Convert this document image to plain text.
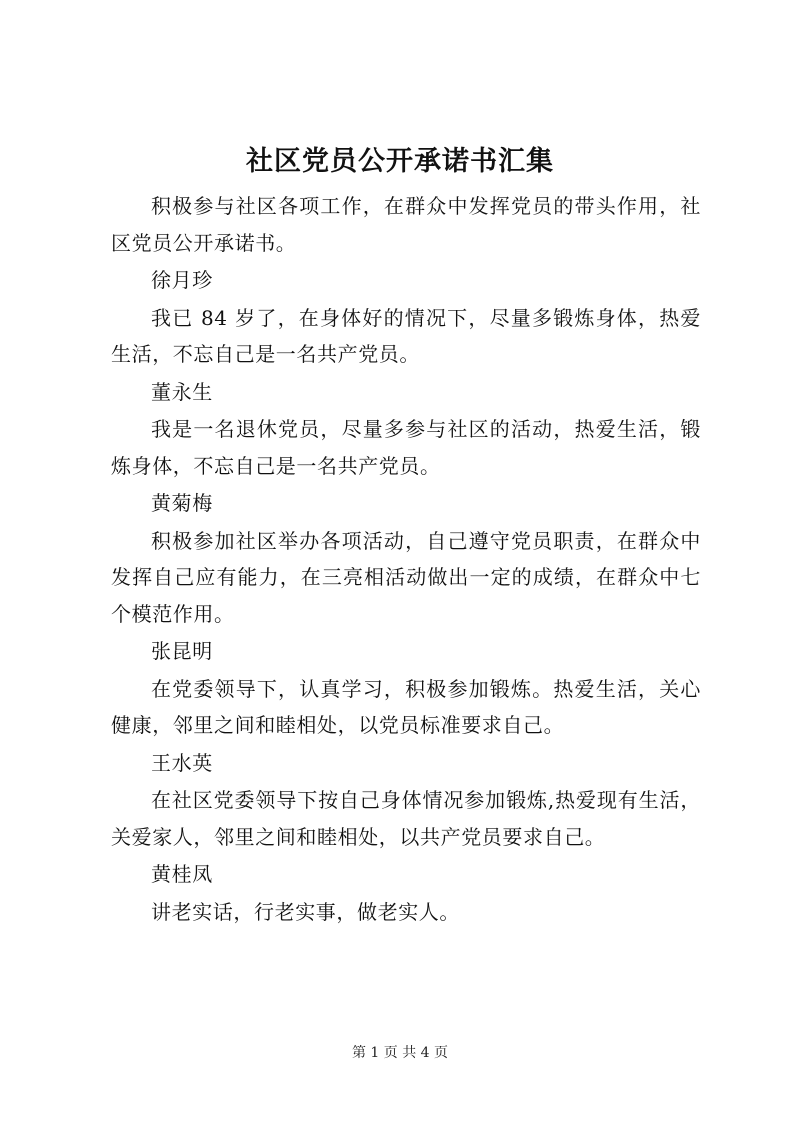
社区党员公开承诺书汇集

积极参与社区各项工作，在群众中发挥党员的带头作用，社区党员公开承诺书。

徐月珍

我已 84 岁了，在身体好的情况下，尽量多锻炼身体，热爱生活，不忘自己是一名共产党员。

董永生

我是一名退休党员，尽量多参与社区的活动，热爱生活，锻炼身体，不忘自己是一名共产党员。

黄菊梅

积极参加社区举办各项活动，自己遵守党员职责，在群众中发挥自己应有能力，在三亮相活动做出一定的成绩，在群众中七个模范作用。

张昆明

在党委领导下，认真学习，积极参加锻炼。热爱生活，关心健康，邻里之间和睦相处，以党员标准要求自己。

王水英

在社区党委领导下按自己身体情况参加锻炼,热爱现有生活，关爱家人，邻里之间和睦相处，以共产党员要求自己。

黄桂凤

讲老实话，行老实事，做老实人。

第 1 页 共 4 页
